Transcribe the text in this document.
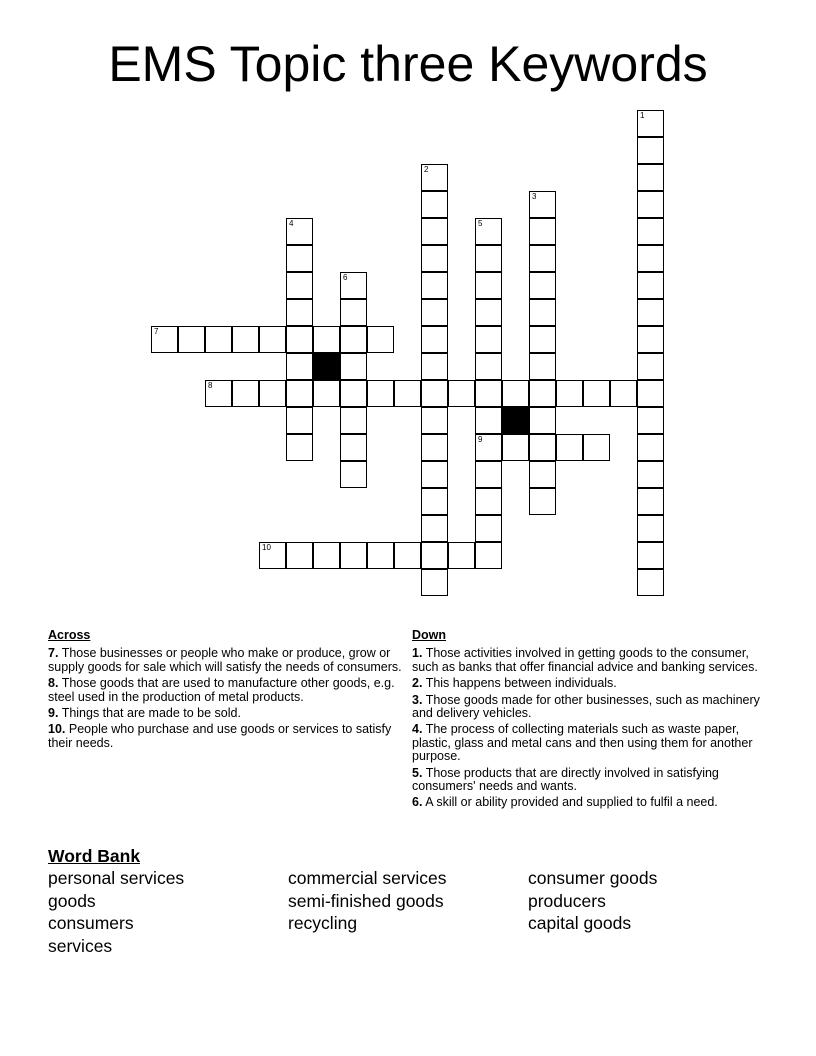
EMS Topic three Keywords
1
2
3
4	5
9
6
7
8
10
Across
7. Those businesses or people who make or produce, grow or supply goods for sale which will satisfy the needs of consumers.
8. Those goods that are used to manufacture other goods, e.g. steel used in the production of metal products.
9. Things that are made to be sold.
10. People who purchase and use goods or services to satisfy their needs.
Down
1. Those activities involved in getting goods to the consumer, such as banks that offer financial advice and banking services.
2. This happens between individuals.
3. Those goods made for other businesses, such as machinery and delivery vehicles.
4. The process of collecting materials such as waste paper, plastic, glass and metal cans and then using them for another purpose.
5. Those products that are directly involved in satisfying consumers' needs and wants.
6. A skill or ability provided and supplied to fulfil a need.
Word Bank
personal services	commercial services	consumer goods
goods	semi-finished goods	producers
consumers	recycling	capital goods
services
